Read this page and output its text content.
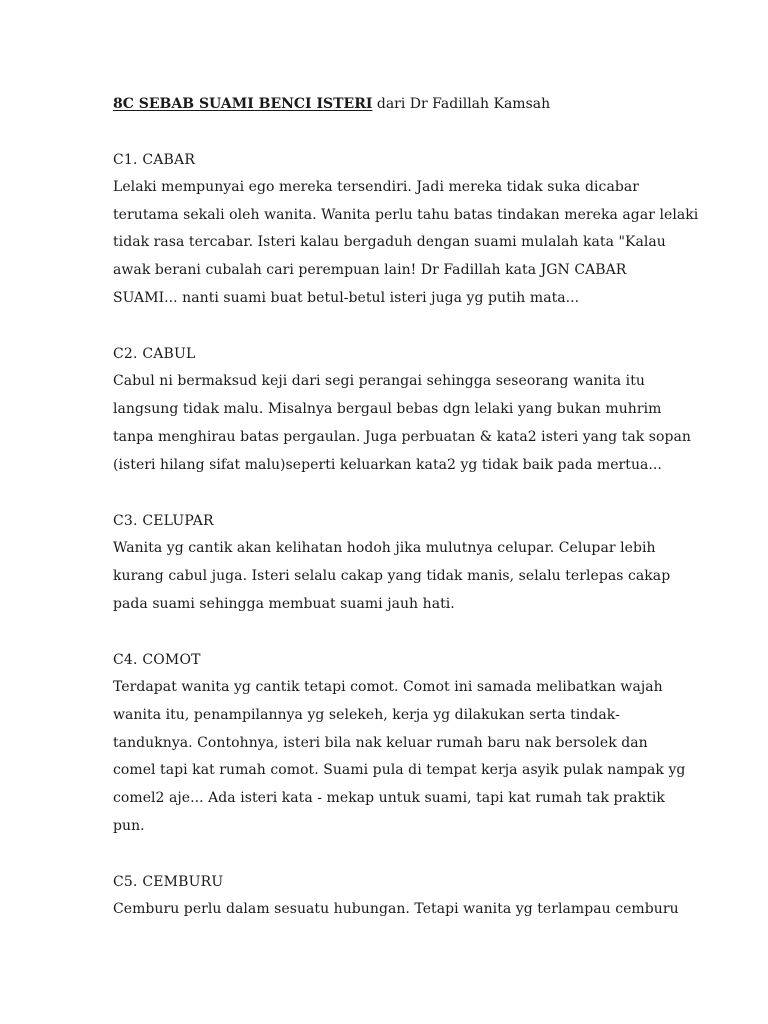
8C SEBAB SUAMI BENCI ISTERI dari Dr Fadillah Kamsah
C1. CABAR
Lelaki mempunyai ego mereka tersendiri. Jadi mereka tidak suka dicabar
terutama sekali oleh wanita. Wanita perlu tahu batas tindakan mereka agar lelaki
tidak rasa tercabar. Isteri kalau bergaduh dengan suami mulalah kata "Kalau
awak berani cubalah cari perempuan lain! Dr Fadillah kata JGN CABAR
SUAMI... nanti suami buat betul-betul isteri juga yg putih mata...
C2. CABUL
Cabul ni bermaksud keji dari segi perangai sehingga seseorang wanita itu
langsung tidak malu. Misalnya bergaul bebas dgn lelaki yang bukan muhrim
tanpa menghirau batas pergaulan. Juga perbuatan & kata2 isteri yang tak sopan
(isteri hilang sifat malu)seperti keluarkan kata2 yg tidak baik pada mertua...
C3. CELUPAR
Wanita yg cantik akan kelihatan hodoh jika mulutnya celupar. Celupar lebih
kurang cabul juga. Isteri selalu cakap yang tidak manis, selalu terlepas cakap
pada suami sehingga membuat suami jauh hati.
C4. COMOT
Terdapat wanita yg cantik tetapi comot. Comot ini samada melibatkan wajah
wanita itu, penampilannya yg selekeh, kerja yg dilakukan serta tindak-
tanduknya. Contohnya, isteri bila nak keluar rumah baru nak bersolek dan
comel tapi kat rumah comot. Suami pula di tempat kerja asyik pulak nampak yg
comel2 aje... Ada isteri kata - mekap untuk suami, tapi kat rumah tak praktik
pun.
C5. CEMBURU
Cemburu perlu dalam sesuatu hubungan. Tetapi wanita yg terlampau cemburu
